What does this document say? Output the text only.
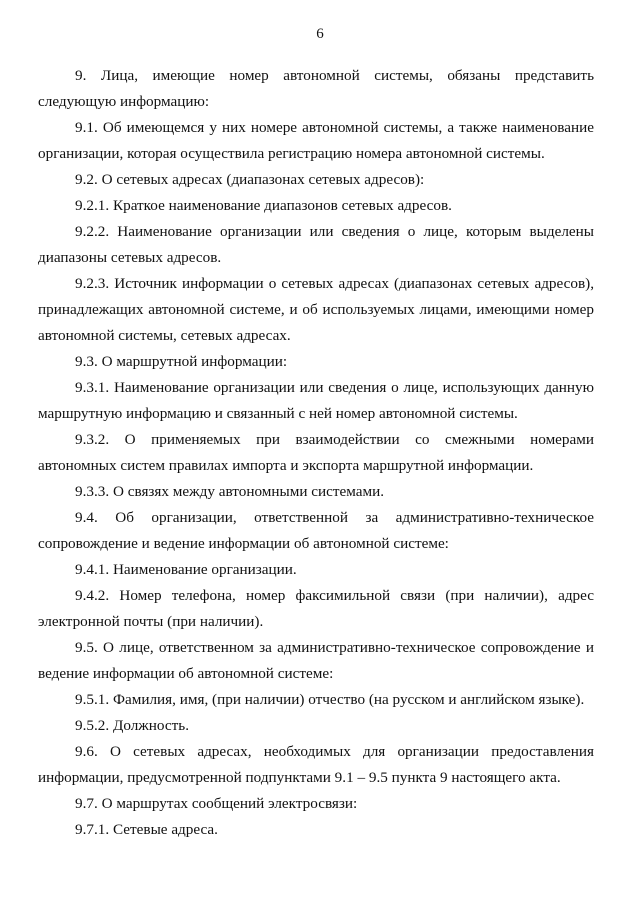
6

9. Лица, имеющие номер автономной системы, обязаны представить следующую информацию:

9.1. Об имеющемся у них номере автономной системы, а также наименование организации, которая осуществила регистрацию номера автономной системы.

9.2. О сетевых адресах (диапазонах сетевых адресов):

9.2.1. Краткое наименование диапазонов сетевых адресов.

9.2.2. Наименование организации или сведения о лице, которым выделены диапазоны сетевых адресов.

9.2.3. Источник информации о сетевых адресах (диапазонах сетевых адресов), принадлежащих автономной системе, и об используемых лицами, имеющими номер автономной системы, сетевых адресах.

9.3. О маршрутной информации:

9.3.1. Наименование организации или сведения о лице, использующих данную маршрутную информацию и связанный с ней номер автономной системы.

9.3.2. О применяемых при взаимодействии со смежными номерами автономных систем правилах импорта и экспорта маршрутной информации.

9.3.3. О связях между автономными системами.

9.4. Об организации, ответственной за административно-техническое сопровождение и ведение информации об автономной системе:

9.4.1. Наименование организации.

9.4.2. Номер телефона, номер факсимильной связи (при наличии), адрес электронной почты (при наличии).

9.5. О лице, ответственном за административно-техническое сопровождение и ведение информации об автономной системе:

9.5.1. Фамилия, имя, (при наличии) отчество (на русском и английском языке).

9.5.2. Должность.

9.6. О сетевых адресах, необходимых для организации предоставления информации, предусмотренной подпунктами 9.1 – 9.5 пункта 9 настоящего акта.

9.7. О маршрутах сообщений электросвязи:

9.7.1. Сетевые адреса.
